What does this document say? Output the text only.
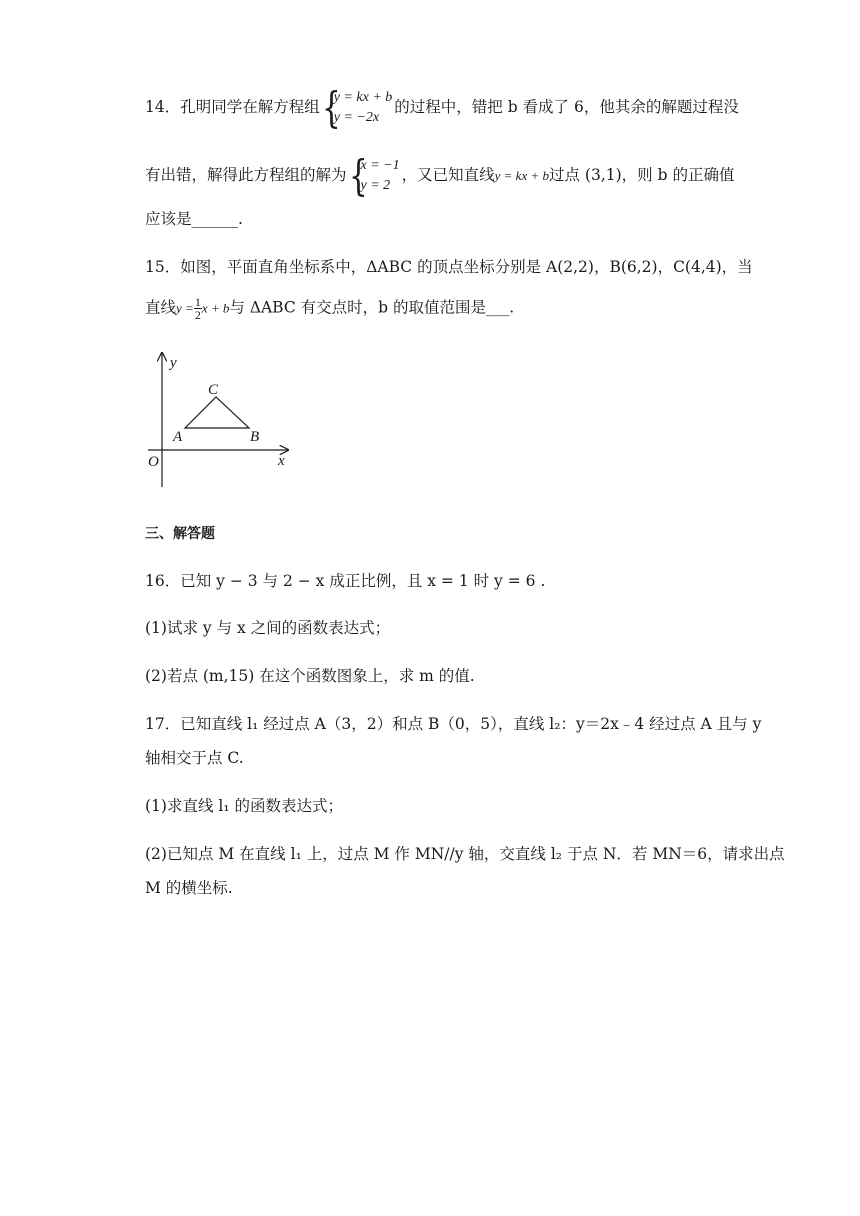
14．孔明同学在解方程组 {
y = kx + b
y = −2x
的过程中，错把 b 看成了 6，他其余的解题过程没
有出错，解得此方程组的解为 {
x = −1
y = 2
，又已知直线y = kx + b过点 (3,1)，则 b 的正确值
应该是______.
15．如图，平面直角坐标系中，ΔABC 的顶点坐标分别是 A(2,2)，B(6,2)，C(4,4)，当
直线$y = \frac{1}{2}$ x + b与 ΔABC 有交点时，b 的取值范围是___.
y
x
O
A	B
C
三、解答题
16．已知 y − 3 与 2 − x 成正比例，且 x = 1 时 y = 6 .
(1)试求 y 与 x 之间的函数表达式；
(2)若点 (m,15) 在这个函数图象上，求 m 的值.
17．已知直线 l₁ 经过点 A（3，2）和点 B（0，5），直线 l₂：y＝2x﹣4 经过点 A 且与 y
轴相交于点 C.
(1)求直线 l₁ 的函数表达式；
(2)已知点 M 在直线 l₁ 上，过点 M 作 MN//y 轴，交直线 l₂ 于点 N．若 MN＝6，请求出点
M 的横坐标.
